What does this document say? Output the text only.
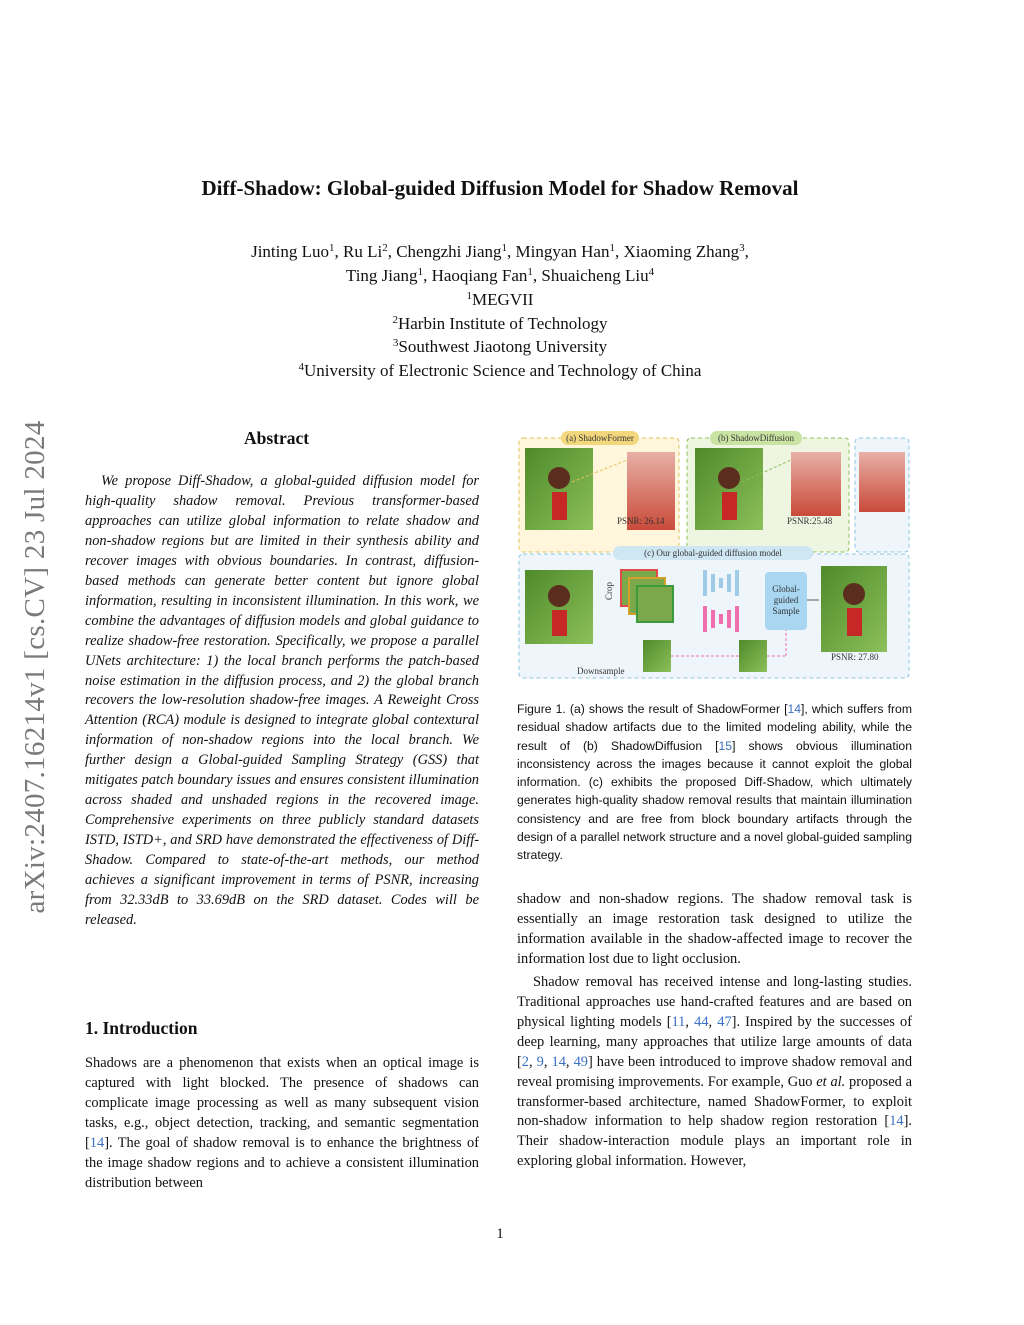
arXiv:2407.16214v1 [cs.CV] 23 Jul 2024
Diff-Shadow: Global-guided Diffusion Model for Shadow Removal
Jinting Luo$^1$, Ru Li$^2$, Chengzhi Jiang$^1$, Mingyan Han$^1$, Xiaoming Zhang$^3$,
Ting Jiang$^1$, Haoqiang Fan$^1$, Shuaicheng Liu$^4$
$^1$MEGVII
$^2$Harbin Institute of Technology
$^3$Southwest Jiaotong University
$^4$University of Electronic Science and Technology of China
Abstract
We propose Diff-Shadow, a global-guided diffusion model for high-quality shadow removal. Previous transformer-based approaches can utilize global information to relate shadow and non-shadow regions but are limited in their synthesis ability and recover images with obvious boundaries. In contrast, diffusion-based methods can generate better content but ignore global information, resulting in inconsistent illumination. In this work, we combine the advantages of diffusion models and global guidance to realize shadow-free restoration. Specifically, we propose a parallel UNets architecture: 1) the local branch performs the patch-based noise estimation in the diffusion process, and 2) the global branch recovers the low-resolution shadow-free images. A Reweight Cross Attention (RCA) module is designed to integrate global contextural information of non-shadow regions into the local branch. We further design a Global-guided Sampling Strategy (GSS) that mitigates patch boundary issues and ensures consistent illumination across shaded and unshaded regions in the recovered image. Comprehensive experiments on three publicly standard datasets ISTD, ISTD+, and SRD have demonstrated the effectiveness of Diff-Shadow. Compared to state-of-the-art methods, our method achieves a significant improvement in terms of PSNR, increasing from 32.33dB to 33.69dB on the SRD dataset. Codes will be released.
1. Introduction

Shadows are a phenomenon that exists when an optical image is captured with light blocked. The presence of shadows can complicate image processing as well as many subsequent vision tasks, e.g., object detection, tracking, and semantic segmentation [14]. The goal of shadow removal is to enhance the brightness of the image shadow regions and to achieve a consistent illumination distribution between

(a) ShadowFormer
PSNR: 26.14
(b) ShadowDiffusion
PSNR:25.48
(c) Our global-guided diffusion model
Crop	Global-
guided
Sample
PSNR: 27.80
Downsample
Figure 1. (a) shows the result of ShadowFormer [14], which suffers from residual shadow artifacts due to the limited modeling ability, while the result of (b) ShadowDiffusion [15] shows obvious illumination inconsistency across the images because it cannot exploit the global information. (c) exhibits the proposed Diff-Shadow, which ultimately generates high-quality shadow removal results that maintain illumination consistency and are free from block boundary artifacts through the design of a parallel network structure and a novel global-guided sampling strategy.

shadow and non-shadow regions. The shadow removal task is essentially an image restoration task designed to utilize the information available in the shadow-affected image to recover the information lost due to light occlusion.

Shadow removal has received intense and long-lasting studies. Traditional approaches use hand-crafted features and are based on physical lighting models [11, 44, 47]. Inspired by the successes of deep learning, many approaches that utilize large amounts of data [2, 9, 14, 49] have been introduced to improve shadow removal and reveal promising improvements. For example, Guo et al. proposed a transformer-based architecture, named ShadowFormer, to exploit non-shadow information to help shadow region restoration [14]. Their shadow-interaction module plays an important role in exploring global information. However,

1
